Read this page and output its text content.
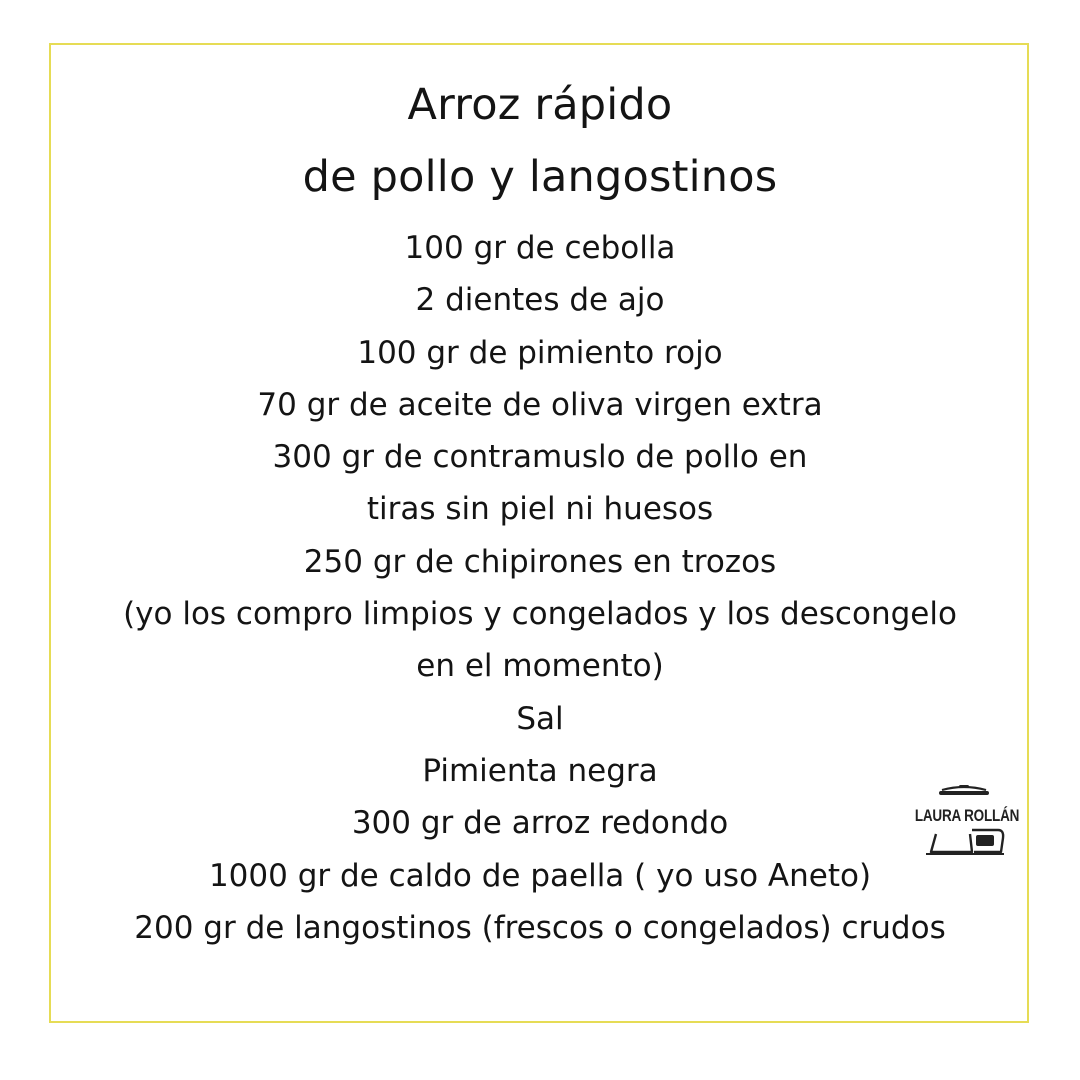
Arroz rápido
de pollo y langostinos
100 gr de cebolla
2 dientes de ajo
100 gr de pimiento rojo
70 gr de aceite de oliva virgen extra
300 gr de contramuslo de pollo en
tiras sin piel ni huesos
250 gr de chipirones en trozos
(yo los compro limpios y congelados y los descongelo
en el momento)
Sal
Pimienta negra
300 gr de arroz redondo
1000 gr de caldo de paella ( yo uso Aneto)
200 gr de langostinos (frescos o congelados) crudos
LAURA ROLLÁN
